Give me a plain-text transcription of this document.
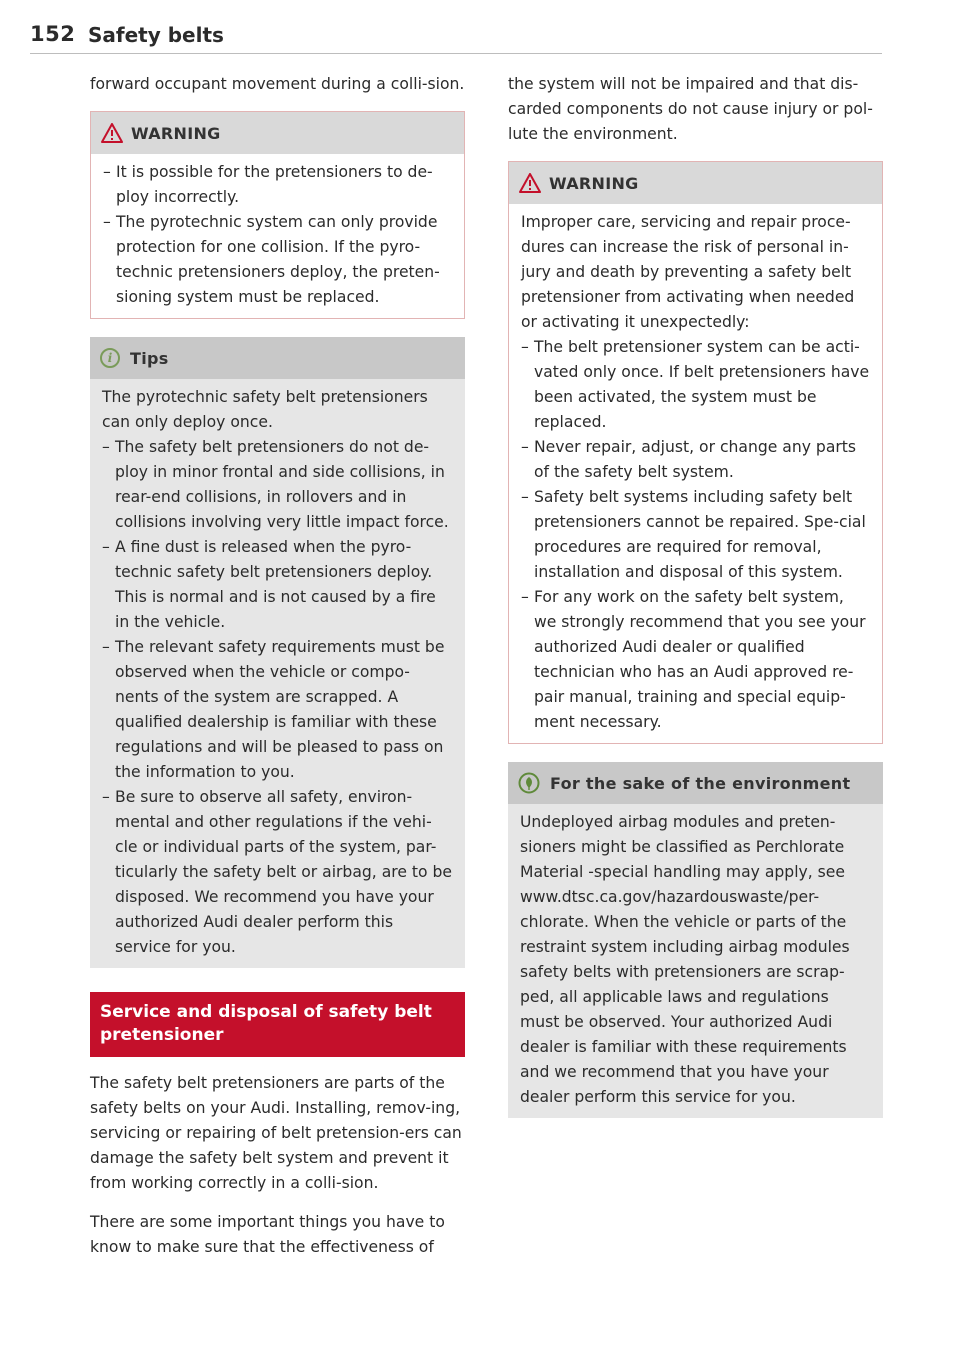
152 Safety belts

forward occupant movement during a colli-sion.

WARNING
– It is possible for the pretensioners to de-ploy incorrectly.
– The pyrotechnic system can only provide protection for one collision. If the pyro-technic pretensioners deploy, the preten-sioning system must be replaced.
i	Tips

The pyrotechnic safety belt pretensioners can only deploy once.

– The safety belt pretensioners do not de-ploy in minor frontal and side collisions, in rear-end collisions, in rollovers and in collisions involving very little impact force.
– A fine dust is released when the pyro-technic safety belt pretensioners deploy. This is normal and is not caused by a fire in the vehicle.
– The relevant safety requirements must be observed when the vehicle or compo-nents of the system are scrapped. A qualified dealership is familiar with these regulations and will be pleased to pass on the information to you.
– Be sure to observe all safety, environ-mental and other regulations if the vehi-cle or individual parts of the system, par-ticularly the safety belt or airbag, are to be disposed. We recommend you have your authorized Audi dealer perform this service for you.
Service and disposal of safety belt pretensioner

The safety belt pretensioners are parts of the safety belts on your Audi. Installing, remov-ing, servicing or repairing of belt pretension-ers can damage the safety belt system and prevent it from working correctly in a colli-sion.

There are some important things you have to know to make sure that the effectiveness of

the system will not be impaired and that dis-carded components do not cause injury or pol-lute the environment.

WARNING

Improper care, servicing and repair proce-dures can increase the risk of personal in-jury and death by preventing a safety belt pretensioner from activating when needed or activating it unexpectedly:

– The belt pretensioner system can be acti-vated only once. If belt pretensioners have been activated, the system must be replaced.
– Never repair, adjust, or change any parts of the safety belt system.
– Safety belt systems including safety belt pretensioners cannot be repaired. Spe-cial procedures are required for removal, installation and disposal of this system.
– For any work on the safety belt system, we strongly recommend that you see your authorized Audi dealer or qualified technician who has an Audi approved re-pair manual, training and special equip-ment necessary.
For the sake of the environment

Undeployed airbag modules and preten-sioners might be classified as Perchlorate Material -special handling may apply, see www.dtsc.ca.gov/hazardouswaste/per-chlorate. When the vehicle or parts of the restraint system including airbag modules safety belts with pretensioners are scrap-ped, all applicable laws and regulations must be observed. Your authorized Audi dealer is familiar with these requirements and we recommend that you have your dealer perform this service for you.
